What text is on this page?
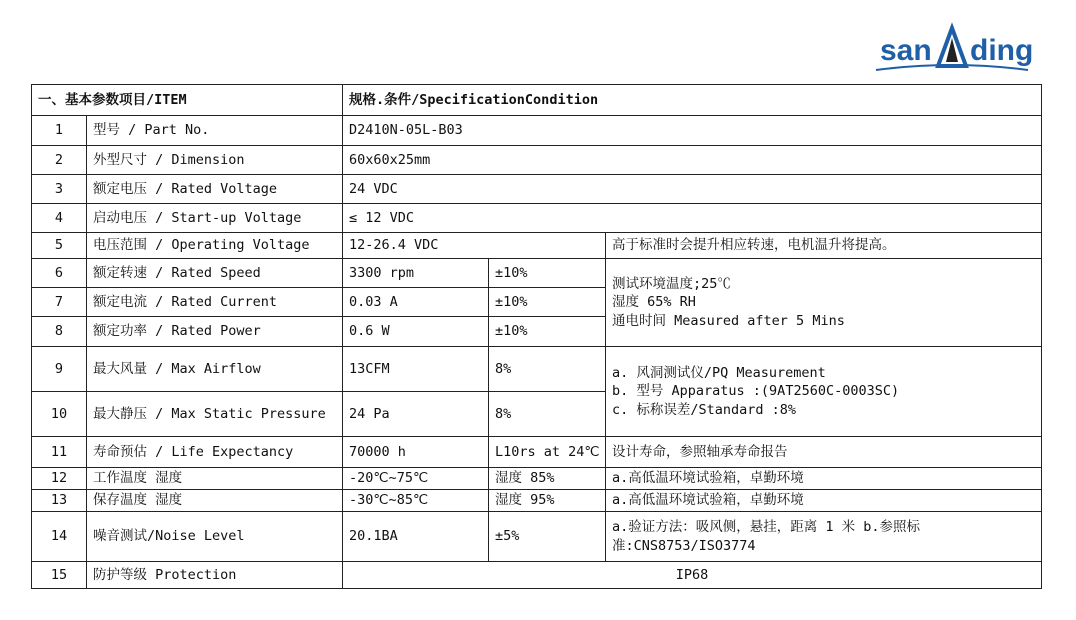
san ding
一、基本参数项目/ITEM		规格.条件/SpecificationCondition		
1	型号 / Part No.	D2410N-05L-B03		
2	外型尺寸 / Dimension	60x60x25mm		
3	额定电压 / Rated Voltage	24 VDC		
4	启动电压 / Start-up Voltage	≤ 12 VDC		
5	电压范围 / Operating Voltage	12-26.4 VDC		高于标准时会提升相应转速，电机温升将提高。
6	额定转速 / Rated Speed	3300 rpm	±10%	测试环境温度;25℃
湿度 65% RH
通电时间 Measured after 5 Mins

7	额定电流 / Rated Current	0.03 A	±10%	
8	额定功率 / Rated Power	0.6 W	±10%	
9	最大风量 / Max Airflow	13CFM	8%	a. 风洞测试仪/PQ Measurement
b. 型号 Apparatus :(9AT2560C-0003SC)
c. 标称误差/Standard :8%

10	最大静压 / Max Static Pressure	24 Pa	8%	
11	寿命预估 / Life Expectancy	70000 h	L10rs at 24℃	设计寿命，参照轴承寿命报告
12	工作温度 湿度	-20℃~75℃	湿度 85%	a.高低温环境试验箱，卓勤环境
13	保存温度 湿度	-30℃~85℃	湿度 95%	a.高低温环境试验箱，卓勤环境
14	噪音测试/Noise Level	20.1BA	±5%	a.验证方法：吸风侧，悬挂，距离 1 米 b.参照标准:CNS8753/ISO3774
15	防护等级 Protection	IP68		
